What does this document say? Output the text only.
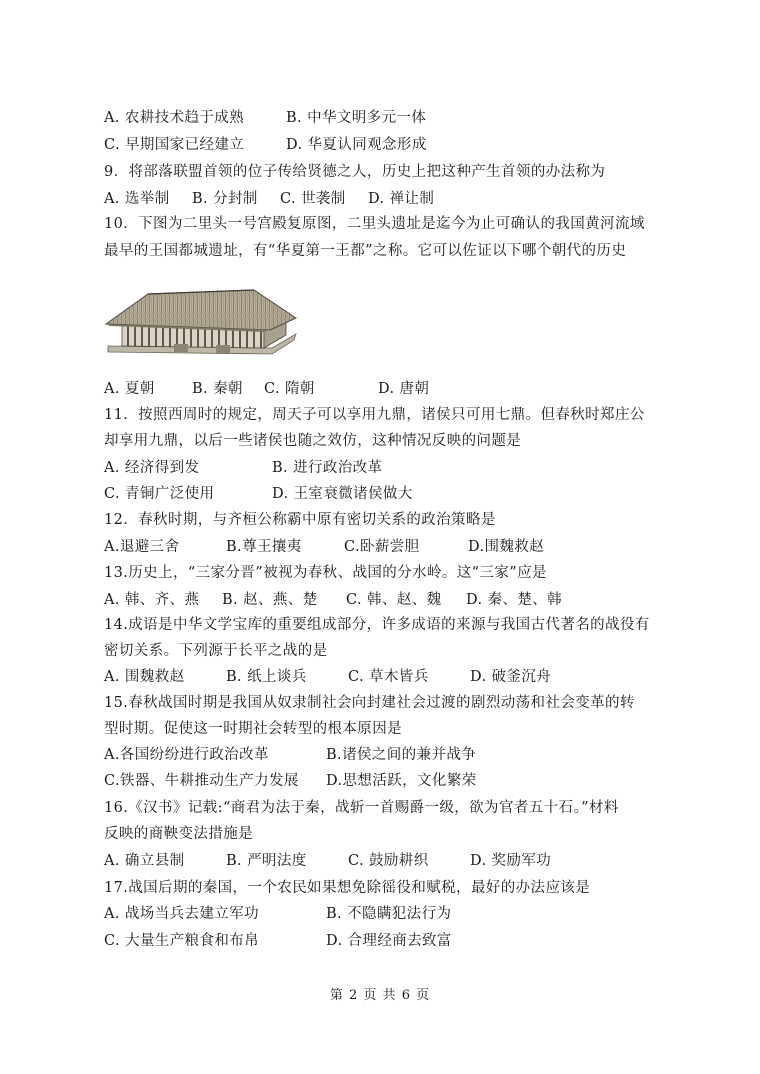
A. 农耕技术趋于成熟	B. 中华文明多元一体
C. 早期国家已经建立	D. 华夏认同观念形成
9．将部落联盟首领的位子传给贤德之人，历史上把这种产生首领的办法称为
A. 选举制 B. 分封制 C. 世袭制 D. 禅让制
10．下图为二里头一号宫殿复原图，二里头遗址是迄今为止可确认的我国黄河流域
最早的王国都城遗址，有“华夏第一王都”之称。它可以佐证以下哪个朝代的历史
A. 夏朝	B. 秦朝 C. 隋朝	D. 唐朝
11．按照西周时的规定，周天子可以享用九鼎，诸侯只可用七鼎。但春秋时郑庄公
却享用九鼎，以后一些诸侯也随之效仿，这种情况反映的问题是
A. 经济得到发	B. 进行政治改革
C. 青铜广泛使用	D. 王室衰微诸侯做大
12．春秋时期，与齐桓公称霸中原有密切关系的政治策略是
A.退避三舍	B.尊王攘夷	C.卧薪尝胆	D.围魏救赵
13.历史上，“三家分晋”被视为春秋、战国的分水岭。这“三家”应是
A. 韩、齐、燕 B. 赵、燕、楚 C. 韩、赵、魏 D. 秦、楚、韩
14.成语是中华文学宝库的重要组成部分，许多成语的来源与我国古代著名的战役有
密切关系。下列源于长平之战的是
A. 围魏救赵	B. 纸上谈兵	C. 草木皆兵	D. 破釜沉舟
15.春秋战国时期是我国从奴隶制社会向封建社会过渡的剧烈动荡和社会变革的转
型时期。促使这一时期社会转型的根本原因是
A.各国纷纷进行政治改革	B.诸侯之间的兼并战争
C.铁器、牛耕推动生产力发展 D.思想活跃，文化繁荣
16.《汉书》记载:“商君为法于秦，战斩一首赐爵一级，欲为官者五十石。”材料
反映的商鞅变法措施是
A. 确立县制	B. 严明法度	C. 鼓励耕织	D. 奖励军功
17.战国后期的秦国，一个农民如果想免除徭役和赋税，最好的办法应该是
A. 战场当兵去建立军功	B. 不隐瞒犯法行为
C. 大量生产粮食和布帛	D. 合理经商去致富
第 2 页 共 6 页
